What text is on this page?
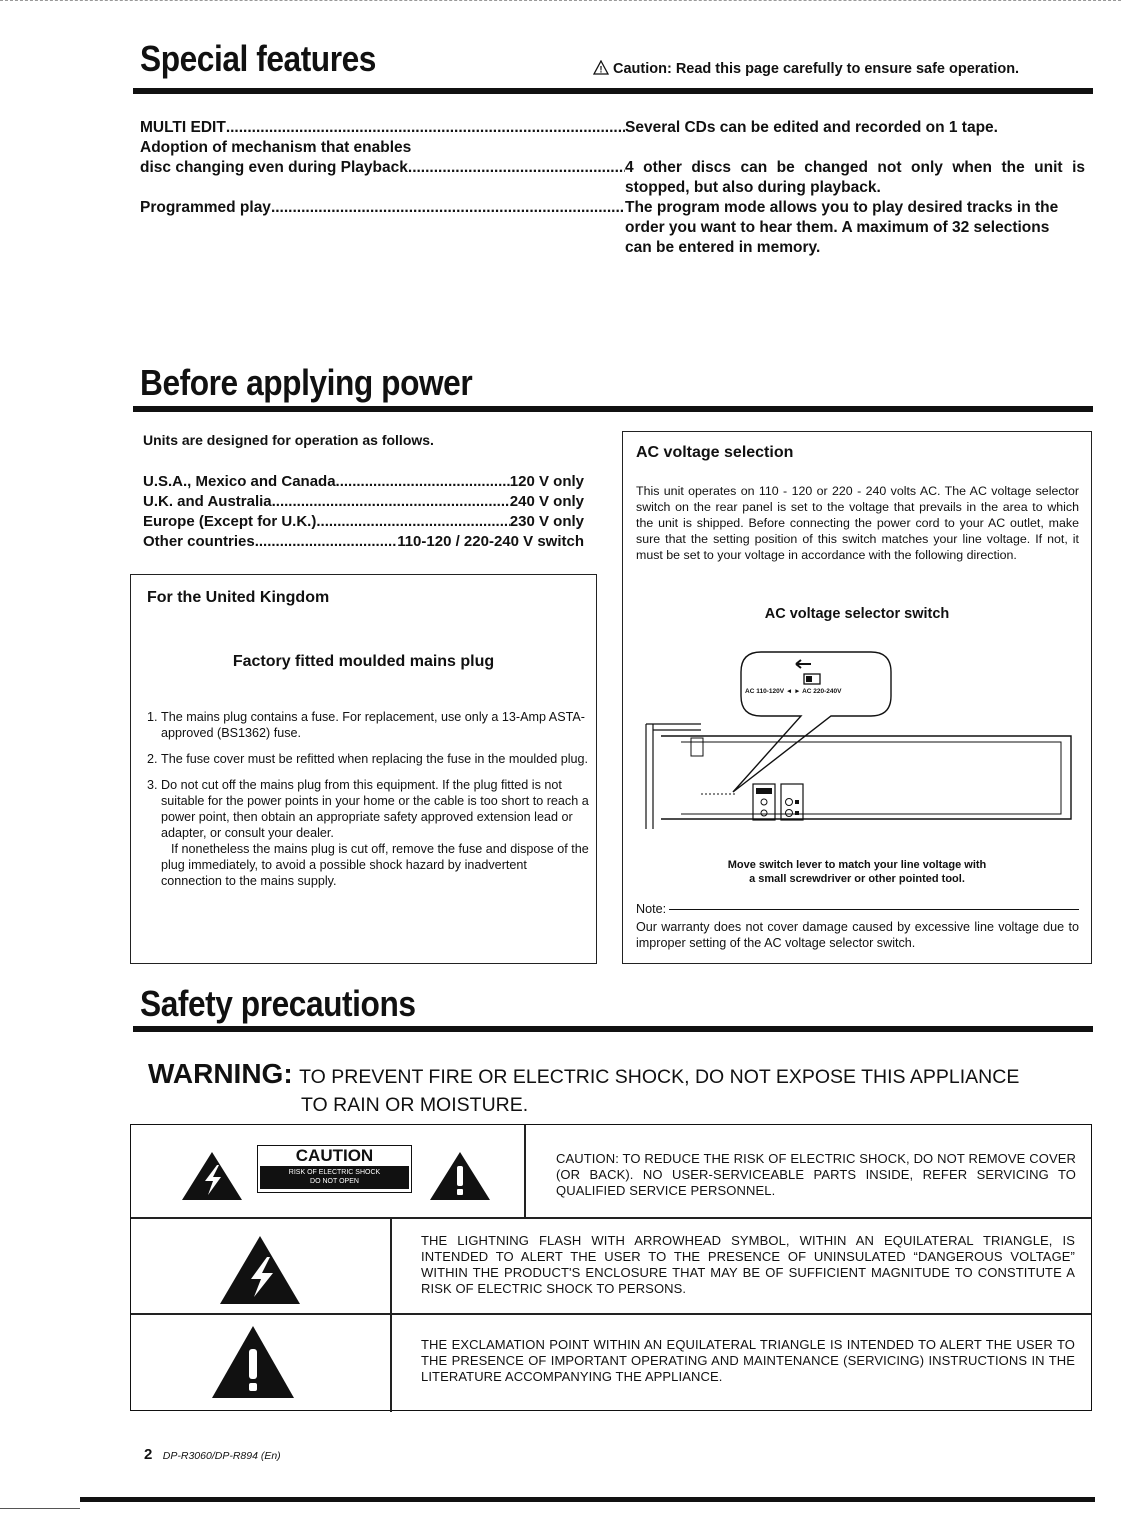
Special features	! Caution: Read this page carefully to ensure safe operation.
MULTI EDIT .....	Several CDs can be edited and recorded on 1 tape.
Adoption of mechanism that enables
disc changing even during Playback .....	4 other discs can be changed not only when the unit is
stopped, but also during playback.
Programmed play .....	The program mode allows you to play desired tracks in the
order you want to hear them. A maximum of 32 selections
can be entered in memory.
Before applying power
Units are designed for operation as follows.
U.S.A., Mexico and Canada .....	120 V only
U.K. and Australia .....	240 V only
Europe (Except for U.K.) .....	230 V only
Other countries .....	110-120 / 220-240 V switch
For the United Kingdom
Factory fitted moulded mains plug
1. The mains plug contains a fuse. For replacement, use only a 13-Amp ASTA-approved (BS1362) fuse.
2. The fuse cover must be refitted when replacing the fuse in the moulded plug.
3. Do not cut off the mains plug from this equipment. If the plug fitted is not suitable for the power points in your home or the cable is too short to reach a power point, then obtain an appropriate safety approved extension lead or adapter, or consult your dealer.
If nonetheless the mains plug is cut off, remove the fuse and dispose of the plug immediately, to avoid a possible shock hazard by inadvertent connection to the mains supply.
AC voltage selection
This unit operates on 110 - 120 or 220 - 240 volts AC. The AC voltage selector switch on the rear panel is set to the voltage that prevails in the area to which the unit is shipped. Before connecting the power cord to your AC outlet, make sure that the setting position of this switch matches your line voltage. If not, it must be set to your voltage in accordance with the following direction.
AC voltage selector switch
AC 110-120V ◄ ► AC 220-240V
Move switch lever to match your line voltage with
a small screwdriver or other pointed tool.
Note:
Our warranty does not cover damage caused by excessive line voltage due to improper setting of the AC voltage selector switch.
Safety precautions
WARNING: TO PREVENT FIRE OR ELECTRIC SHOCK, DO NOT EXPOSE THIS APPLIANCE
TO RAIN OR MOISTURE.
CAUTION
RISK OF ELECTRIC SHOCK
DO NOT OPEN
CAUTION: TO REDUCE THE RISK OF ELECTRIC SHOCK, DO NOT REMOVE COVER (OR BACK). NO USER-SERVICEABLE PARTS INSIDE, REFER SERVICING TO QUALIFIED SERVICE PERSONNEL.
THE LIGHTNING FLASH WITH ARROWHEAD SYMBOL, WITHIN AN EQUILATERAL TRIANGLE, IS INTENDED TO ALERT THE USER TO THE PRESENCE OF UNINSULATED “DANGEROUS VOLTAGE” WITHIN THE PRODUCT'S ENCLOSURE THAT MAY BE OF SUFFICIENT MAGNITUDE TO CONSTITUTE A RISK OF ELECTRIC SHOCK TO PERSONS.
THE EXCLAMATION POINT WITHIN AN EQUILATERAL TRIANGLE IS INTENDED TO ALERT THE USER TO THE PRESENCE OF IMPORTANT OPERATING AND MAINTENANCE (SERVICING) INSTRUCTIONS IN THE LITERATURE ACCOMPANYING THE APPLIANCE.
2 DP-R3060/DP-R894 (En)
